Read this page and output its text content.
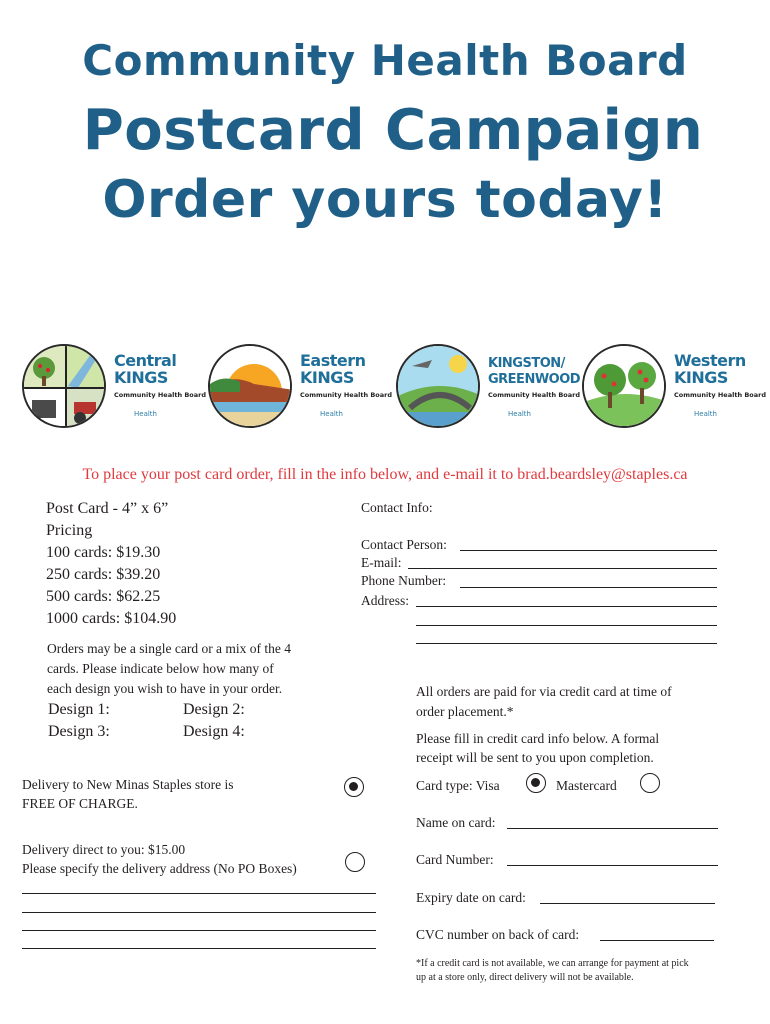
Community Health Board
Postcard Campaign
Order yours today!
Central
KINGS
Community Health Board
Health
Eastern
KINGS
Community Health Board
Health
KINGSTON/
GREENWOOD
Community Health Board
Health
Western
KINGS
Community Health Board
Health
To place your post card order, fill in the info below, and e-mail it to brad.beardsley@staples.ca
Post Card - 4” x 6”
Pricing
100 cards: $19.30
250 cards: $39.20
500 cards: $62.25
1000 cards: $104.90
Contact Info:
Contact Person:
E-mail:
Phone Number:
Address:
Orders may be a single card or a mix of the 4
cards. Please indicate below how many of
each design you wish to have in your order.
Design 1:	Design 2:
Design 3:	Design 4:
All orders are paid for via credit card at time of
order placement.*
Please fill in credit card info below. A formal
receipt will be sent to you upon completion.
Card type: Visa	Mastercard
Name on card:
Card Number:
Expiry date on card:
CVC number on back of card:
*If a credit card is not available, we can arrange for payment at pick
up at a store only, direct delivery will not be available.
Delivery to New Minas Staples store is
FREE OF CHARGE.
Delivery direct to you: $15.00
Please specify the delivery address (No PO Boxes)
